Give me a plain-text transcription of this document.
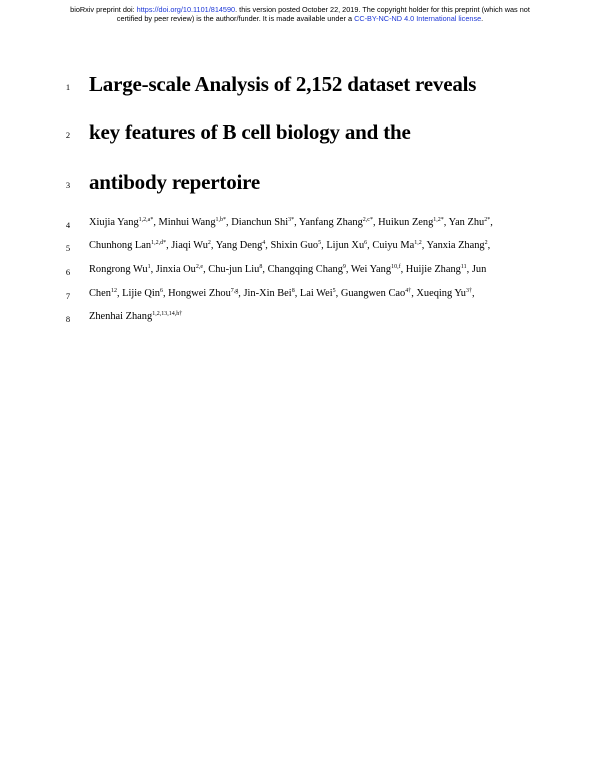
bioRxiv preprint doi: https://doi.org/10.1101/814590. this version posted October 22, 2019. The copyright holder for this preprint (which was not
certified by peer review) is the author/funder. It is made available under a CC-BY-NC-ND 4.0 International license.
1
2
3
4
5
6
7
8
Large-scale Analysis of 2,152 dataset reveals
key features of B cell biology and the
antibody repertoire
Xiujia Yang$^{1,2,a*}$, Minhui Wang$^{1,b*}$, Dianchun Shi$^{3*}$, Yanfang Zhang$^{2,c*}$, Huikun Zeng$^{1,2*}$, Yan Zhu$^{2*}$,
Chunhong Lan$^{1,2,d*}$, Jiaqi Wu$^2$, Yang Deng$^4$, Shixin Guo$^5$, Lijun Xu$^6$, Cuiyu Ma$^{1,2}$, Yanxia Zhang$^2$,
Rongrong Wu$^1$, Jinxia Ou$^{2,e}$, Chu-jun Liu$^8$, Changqing Chang$^9$, Wei Yang$^{10,f}$, Huijie Zhang$^{11}$, Jun
Chen$^{12}$, Lijie Qin$^6$, Hongwei Zhou$^{7,g}$, Jin-Xin Bei$^8$, Lai Wei$^5$, Guangwen Cao$^{4\dagger}$, Xueqing $Yu^{3\dagger}$,
Zhenhai Zhang$^{1,2,13,14,h\dagger}$
